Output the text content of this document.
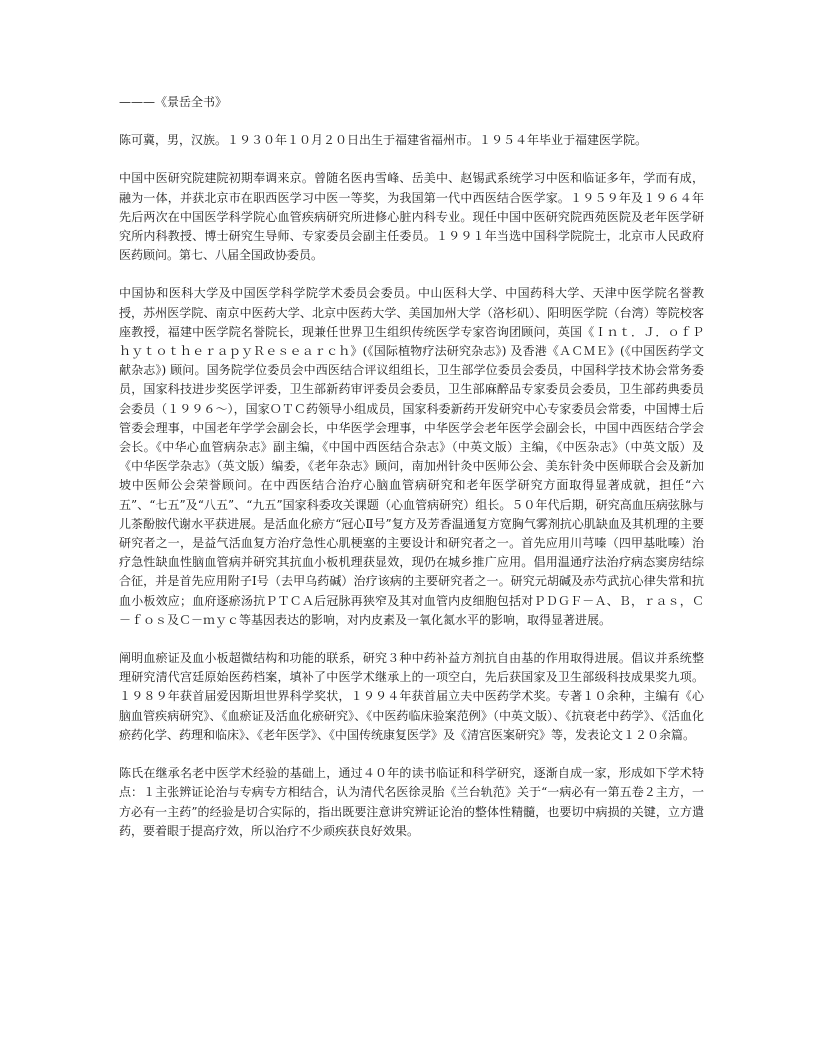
———《景岳全书》

陈可冀，男，汉族。１９３０年１０月２０日出生于福建省福州市。１９５４年毕业于福建医学院。

中国中医研究院建院初期奉调来京。曾随名医冉雪峰、岳美中、赵锡武系统学习中医和临证多年，学而有成，融为一体，并获北京市在职西医学习中医一等奖，为我国第一代中西医结合医学家。１９５９年及１９６４年先后两次在中国医学科学院心血管疾病研究所进修心脏内科专业。现任中国中医研究院西苑医院及老年医学研究所内科教授、博士研究生导师、专家委员会副主任委员。１９９１年当选中国科学院院士，北京市人民政府医药顾问。第七、八届全国政协委员。

中国协和医科大学及中国医学科学院学术委员会委员。中山医科大学、中国药科大学、天津中医学院名誉教授，苏州医学院、南京中医药大学、北京中医药大学、美国加州大学（洛杉矶）、阳明医学院（台湾）等院校客座教授，福建中医学院名誉院长，现兼任世界卫生组织传统医学专家咨询团顾问，英国《Ｉｎｔ．Ｊ．ｏｆＰｈｙｔｏｔｈｅｒａｐｙＲｅｓｅａｒｃｈ》(《国际植物疗法研究杂志》) 及香港《ＡＣＭＥ》(《中国医药学文献杂志》) 顾问。国务院学位委员会中西医结合评议组组长，卫生部学位委员会委员，中国科学技术协会常务委员，国家科技进步奖医学评委，卫生部新药审评委员会委员，卫生部麻醉品专家委员会委员，卫生部药典委员会委员（１９９６～），国家ＯＴＣ药领导小组成员，国家科委新药开发研究中心专家委员会常委，中国博士后管委会理事，中国老年学学会副会长，中华医学会理事，中华医学会老年医学会副会长，中国中西医结合学会会长。《中华心血管病杂志》副主编，《中国中西医结合杂志》（中英文版）主编，《中医杂志》（中英文版）及《中华医学杂志》（英文版）编委，《老年杂志》顾问，南加州针灸中医师公会、美东针灸中医师联合会及新加坡中医师公会荣誉顾问。在中西医结合治疗心脑血管病研究和老年医学研究方面取得显著成就，担任“六五”、“七五”及“八五”、“九五”国家科委攻关课题（心血管病研究）组长。５０年代后期，研究高血压病弦脉与儿茶酚胺代谢水平获进展。是活血化瘀方“冠心Ⅱ号”复方及芳香温通复方宽胸气雾剂抗心肌缺血及其机理的主要研究者之一，是益气活血复方治疗急性心肌梗塞的主要设计和研究者之一。首先应用川芎嗪（四甲基吡嗪）治疗急性缺血性脑血管病并研究其抗血小板机理获显效，现仍在城乡推广应用。倡用温通疗法治疗病态窦房结综合征，并是首先应用附子Ⅰ号（去甲乌药碱）治疗该病的主要研究者之一。研究元胡碱及赤芍武抗心律失常和抗血小板效应；血府逐瘀汤抗ＰＴＣＡ后冠脉再狭窄及其对血管内皮细胞包括对ＰＤＧＦ－Ａ、Ｂ，ｒａｓ，Ｃ－ｆｏｓ及Ｃ－ｍｙｃ等基因表达的影响，对内皮素及一氧化氮水平的影响，取得显著进展。

阐明血瘀证及血小板超微结构和功能的联系，研究３种中药补益方剂抗自由基的作用取得进展。倡议并系统整理研究清代宫廷原始医药档案，填补了中医学术继承上的一项空白，先后获国家及卫生部级科技成果奖九项。１９８９年获首届爱因斯坦世界科学奖状，１９９４年获首届立夫中医药学术奖。专著１０余种，主编有《心脑血管疾病研究》、《血瘀证及活血化瘀研究》、《中医药临床验案范例》（中英文版）、《抗衰老中药学》、《活血化瘀药化学、药理和临床》、《老年医学》、《中国传统康复医学》及《清宫医案研究》等，发表论文１２０余篇。

陈氏在继承名老中医学术经验的基础上，通过４０年的读书临证和科学研究，逐渐自成一家，形成如下学术特点：１主张辨证论治与专病专方相结合，认为清代名医徐灵胎《兰台轨范》关于“一病必有一第五卷２主方，一方必有一主药”的经验是切合实际的，指出既要注意讲究辨证论治的整体性精髓，也要切中病损的关键，立方遣药，要着眼于提高疗效，所以治疗不少顽疾获良好效果。
